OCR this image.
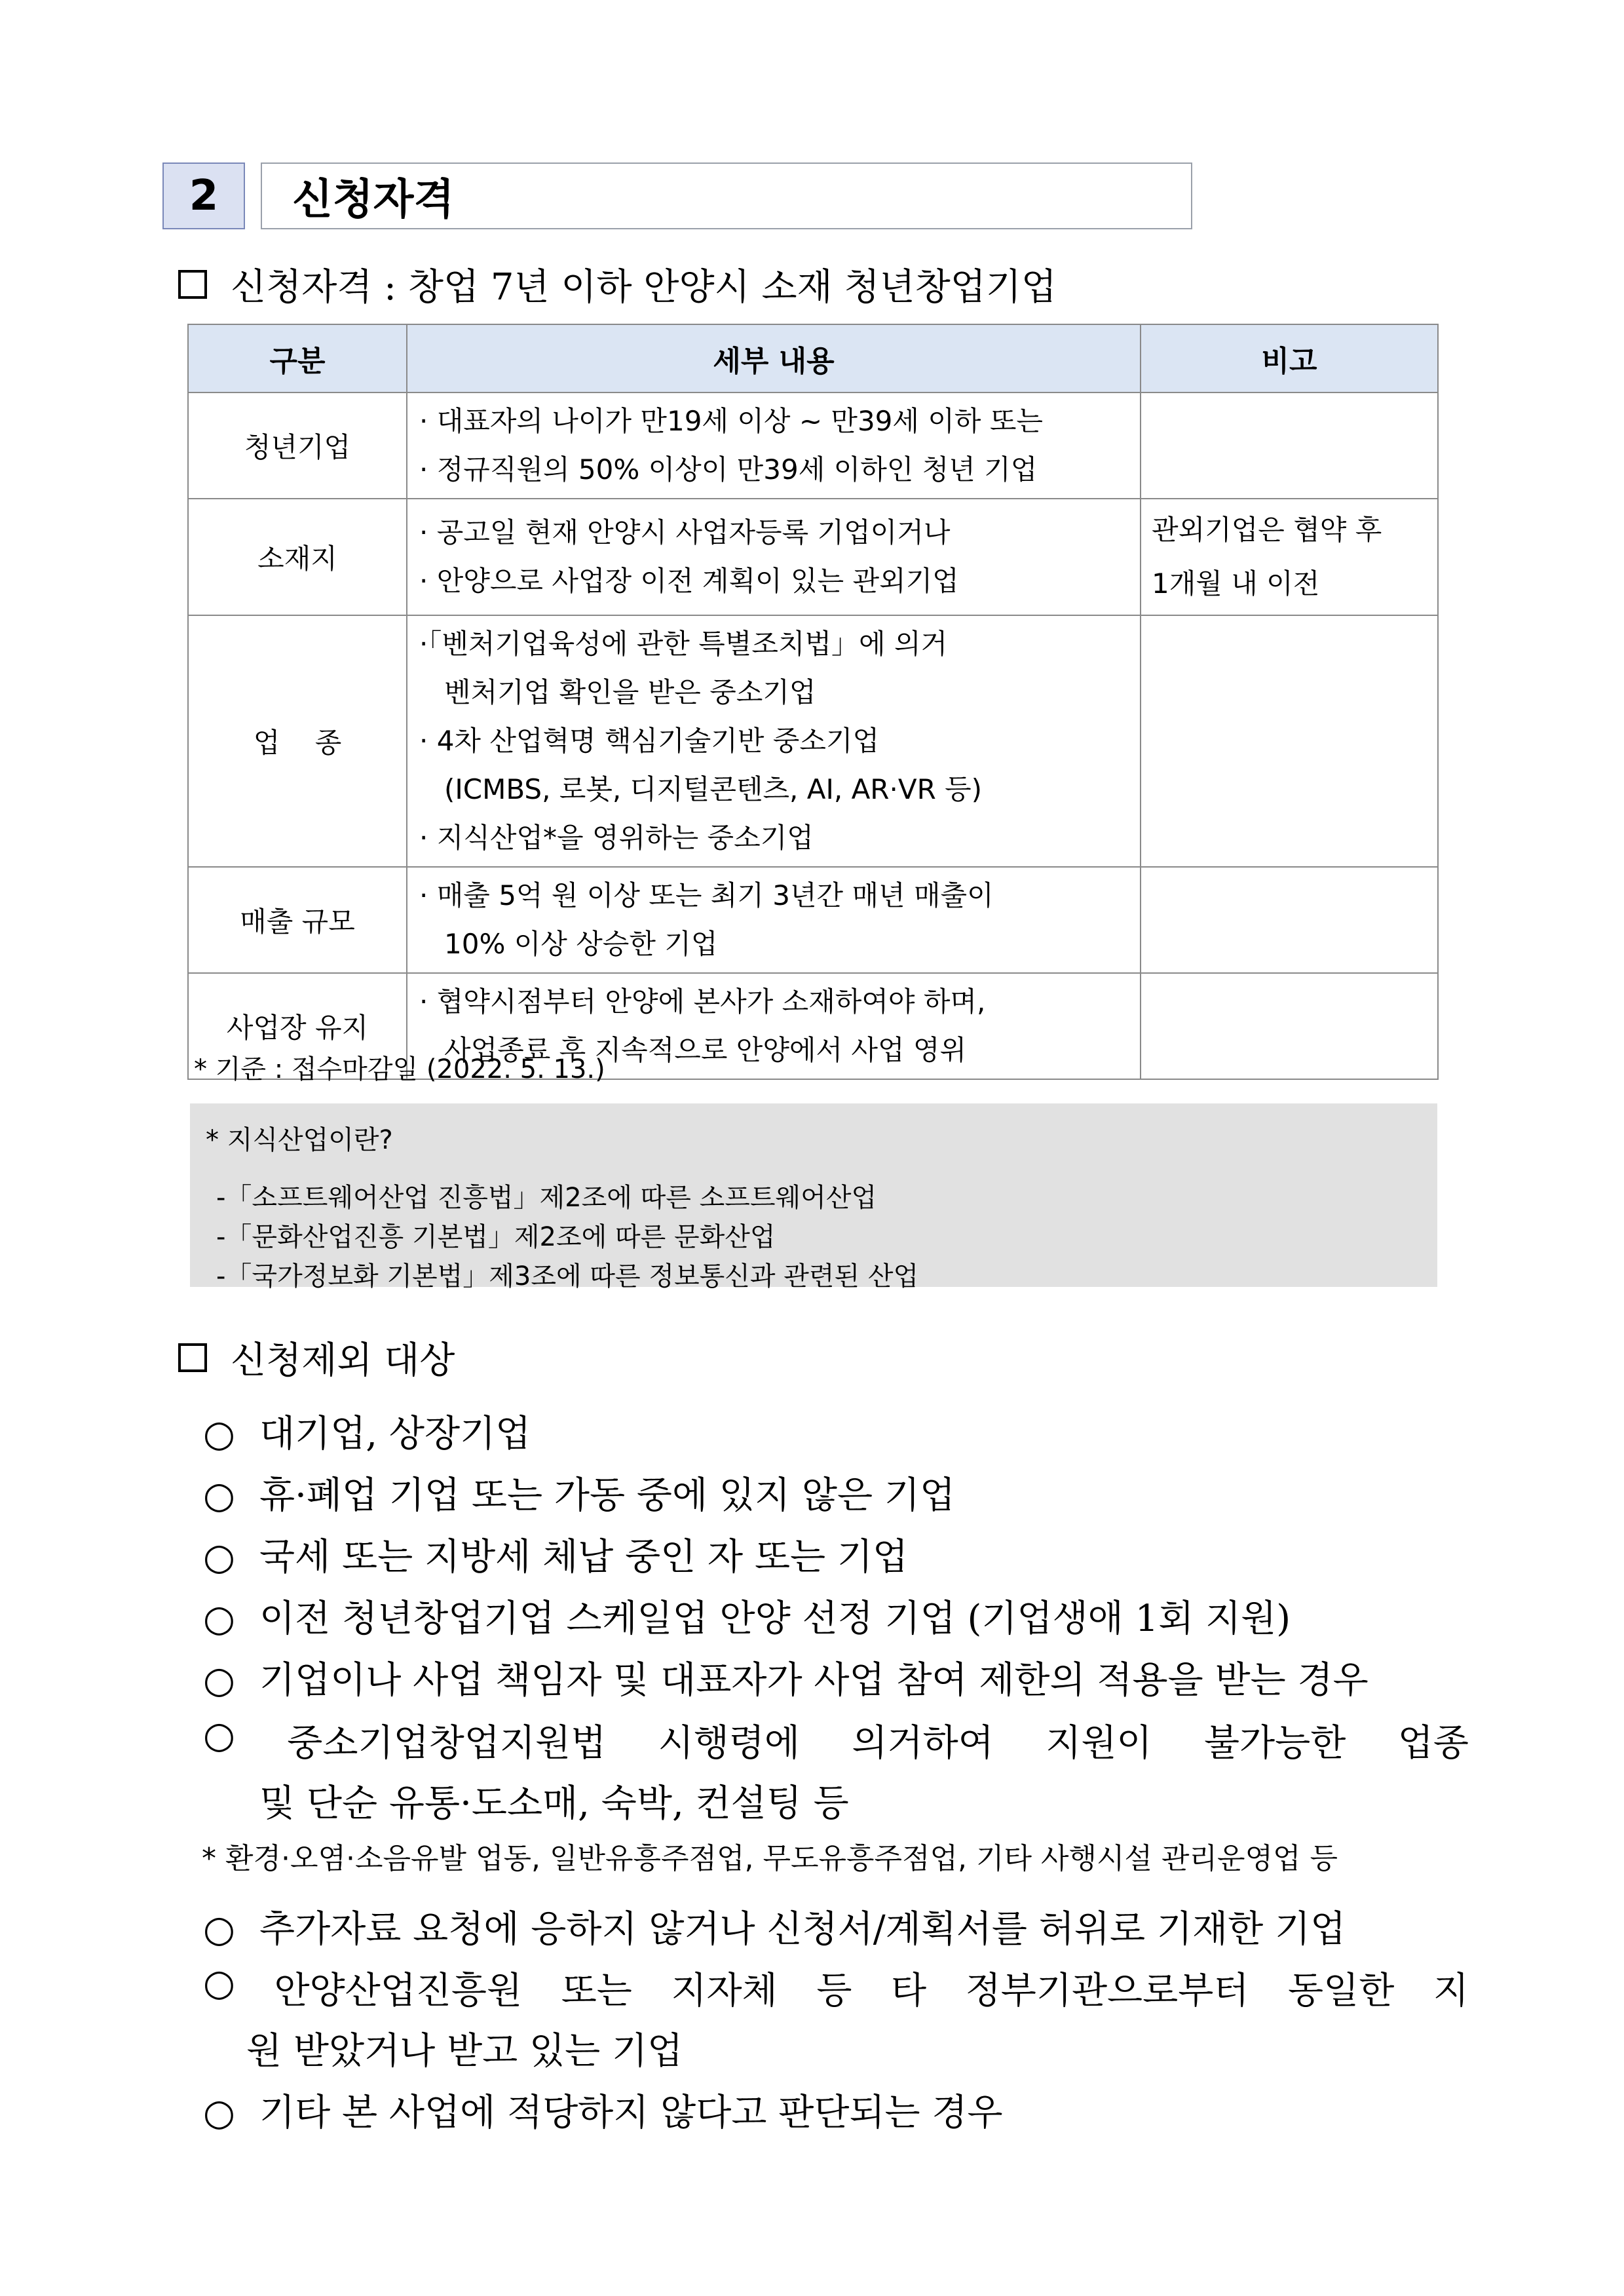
2 신청자격
신청자격 : 창업 7년 이하 안양시 소재 청년창업기업
구분	세부 내용	비고
청년기업	· 대표자의 나이가 만19세 이상 ~ 만39세 이하 또는
· 정규직원의 50% 이상이 만39세 이하인 청년 기업	

소재지	· 공고일 현재 안양시 사업자등록 기업이거나
· 안양으로 사업장 이전 계획이 있는 관외기업	관외기업은 협약 후
1개월 내 이전

업    종	·「벤처기업육성에 관한 특별조치법」에 의거
벤처기업 확인을 받은 중소기업
· 4차 산업혁명 핵심기술기반 중소기업
(ICMBS, 로봇, 디지털콘텐츠, AI, AR·VR 등)
· 지식산업*을 영위하는 중소기업	

매출 규모	· 매출 5억 원 이상 또는 최기 3년간 매년 매출이
10% 이상 상승한 기업	

사업장 유지	· 협약시점부터 안양에 본사가 소재하여야 하며,
사업종료 후 지속적으로 안양에서 사업 영위	

* 기준 : 접수마감일 (2022. 5. 13.)
* 지식산업이란?
-「소프트웨어산업 진흥법」제2조에 따른 소프트웨어산업
-「문화산업진흥 기본법」제2조에 따른 문화산업
-「국가정보화 기본법」제3조에 따른 정보통신과 관련된 산업
신청제외 대상
○ 대기업, 상장기업
○ 휴·폐업 기업 또는 가동 중에 있지 않은 기업
○ 국세 또는 지방세 체납 중인 자 또는 기업
○ 이전 청년창업기업 스케일업 안양 선정 기업 (기업생애 1회 지원)
○ 기업이나 사업 책임자 및 대표자가 사업 참여 제한의 적용을 받는 경우
○ 중소기업창업지원법 시행령에 의거하여 지원이 불가능한 업종
및 단순 유통·도소매, 숙박, 컨설팅 등
* 환경·오염·소음유발 업동, 일반유흥주점업, 무도유흥주점업, 기타 사행시설 관리운영업 등
○ 추가자료 요청에 응하지 않거나 신청서/계획서를 허위로 기재한 기업
○ 안양산업진흥원 또는 지자체 등 타 정부기관으로부터 동일한 지
원 받았거나 받고 있는 기업
○ 기타 본 사업에 적당하지 않다고 판단되는 경우
